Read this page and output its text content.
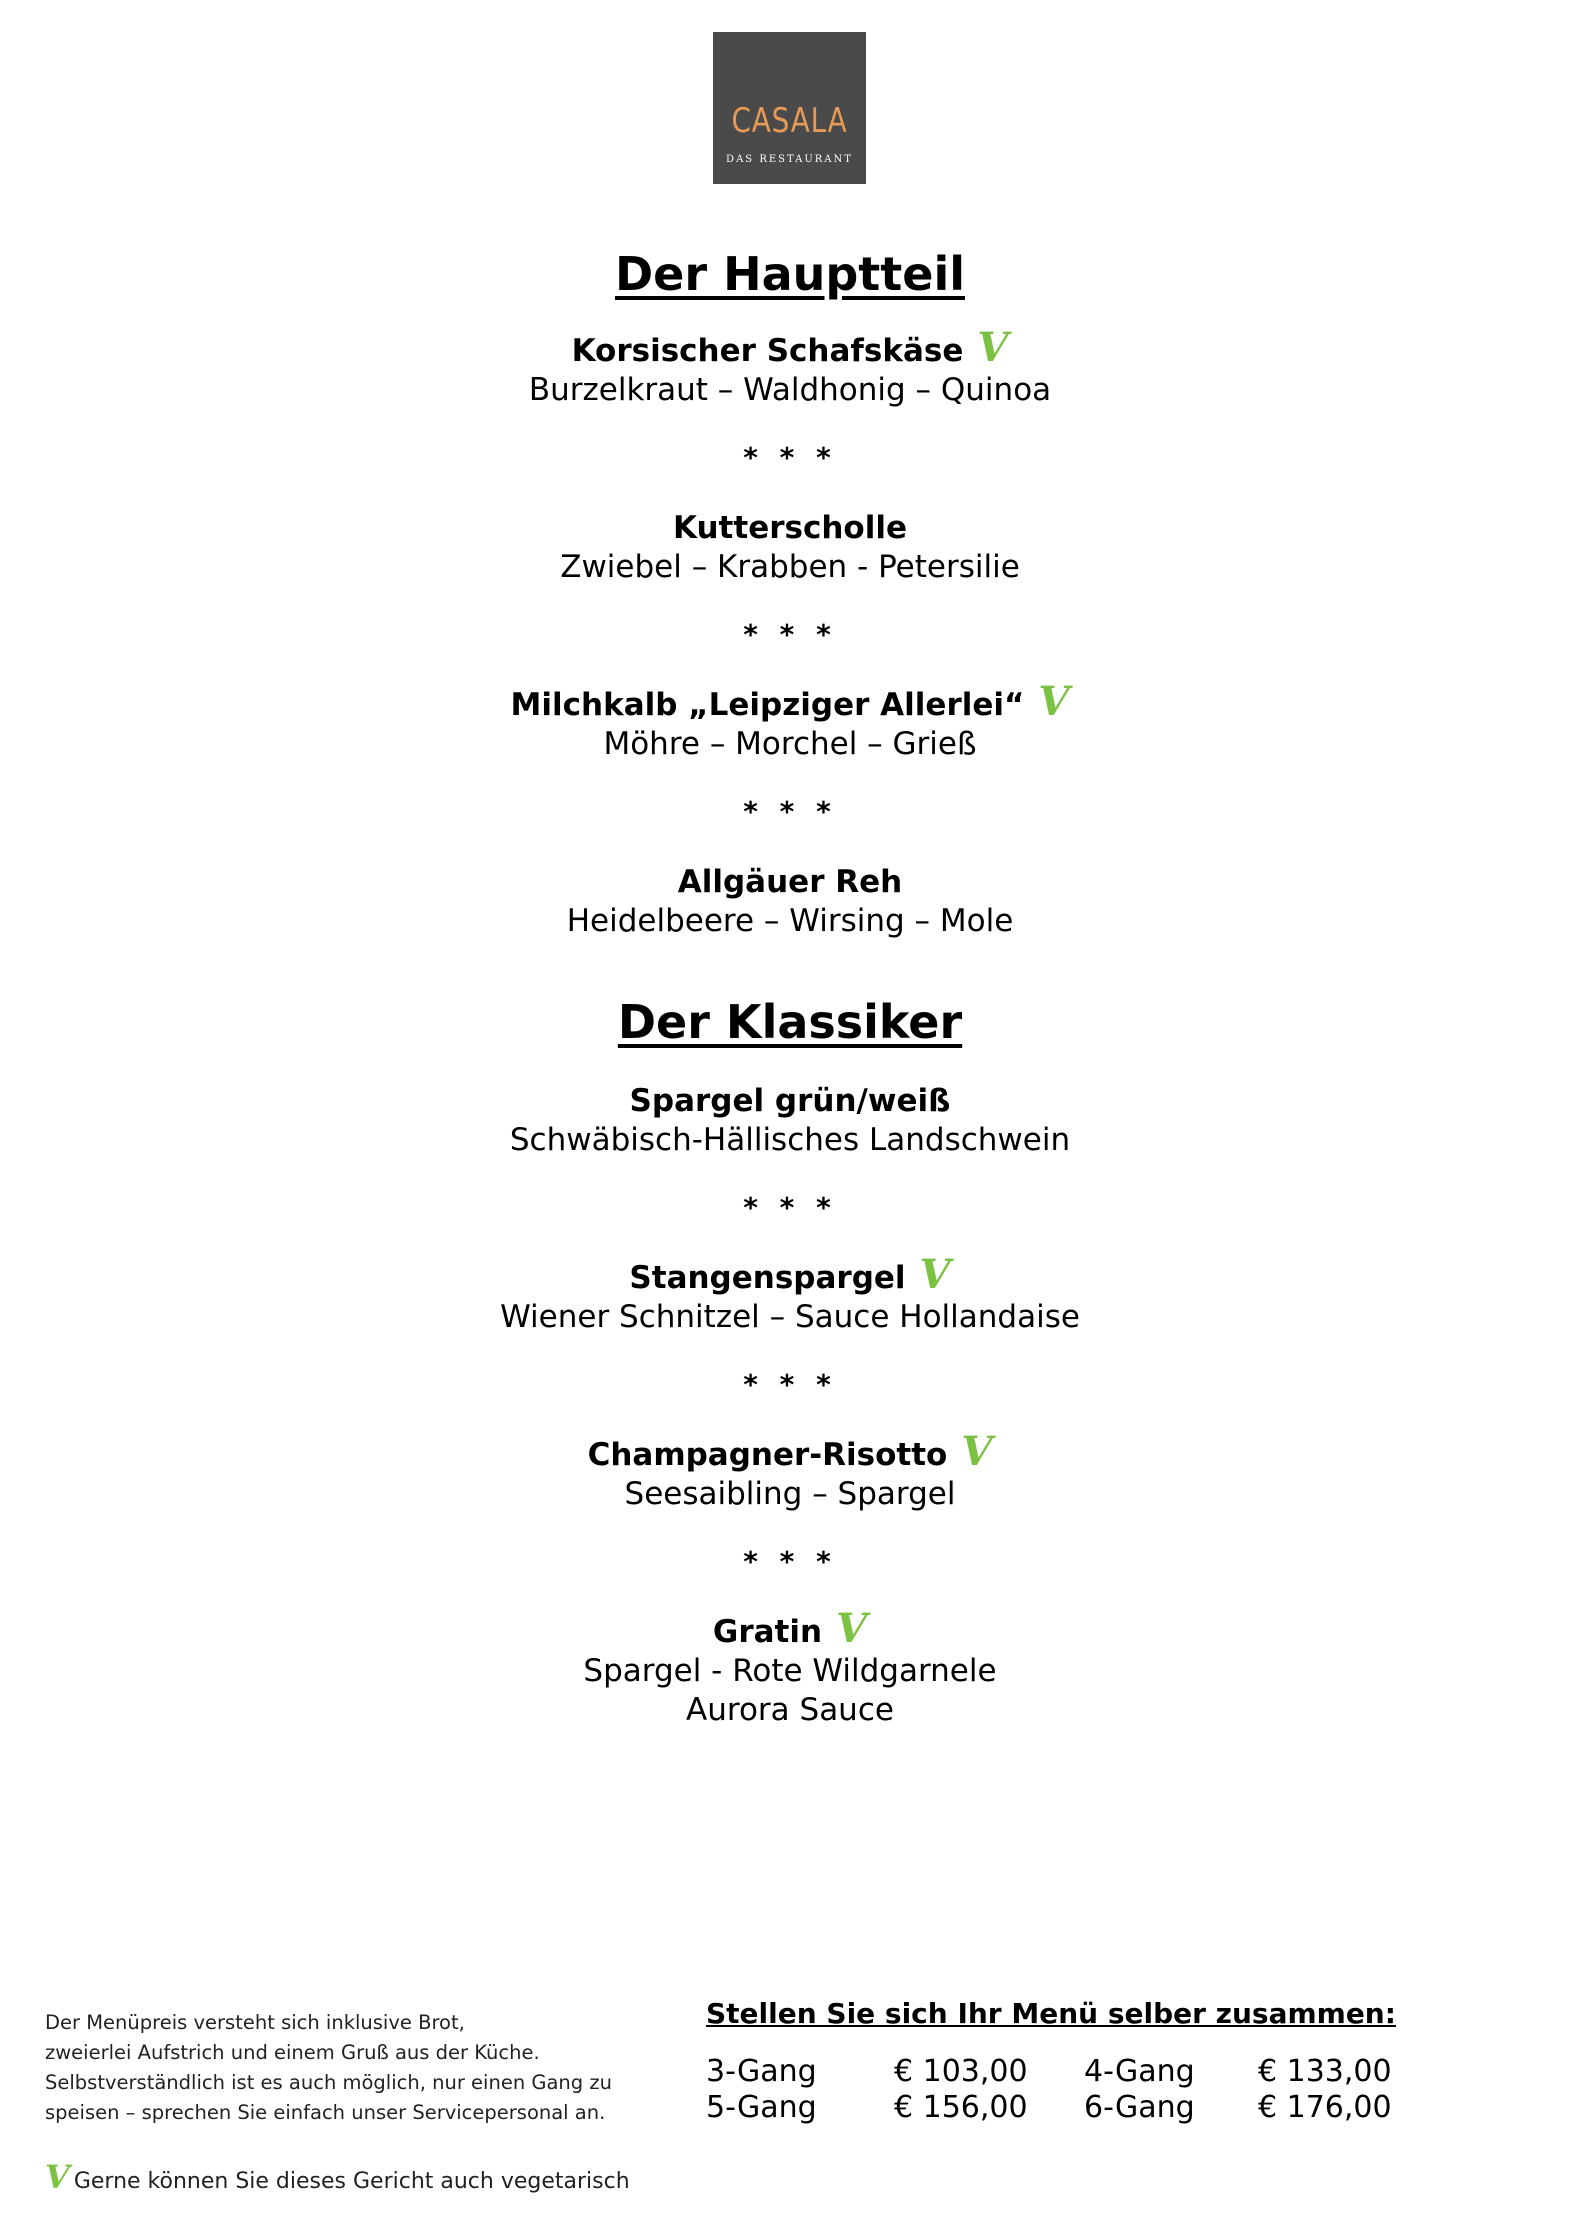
CASALA
DAS RESTAURANT
Der Hauptteil
Korsischer Schafskäse V
Burzelkraut – Waldhonig – Quinoa
* * *
Kutterscholle
Zwiebel – Krabben - Petersilie
* * *
Milchkalb „Leipziger Allerlei“ V
Möhre – Morchel – Grieß
* * *
Allgäuer Reh
Heidelbeere – Wirsing – Mole
Der Klassiker
Spargel grün/weiß
Schwäbisch-Hällisches Landschwein
* * *
Stangenspargel V
Wiener Schnitzel – Sauce Hollandaise
* * *
Champagner-Risotto V
Seesaibling – Spargel
* * *
Gratin V
Spargel - Rote Wildgarnele
Aurora Sauce
Der Menüpreis versteht sich inklusive Brot,
zweierlei Aufstrich und einem Gruß aus der Küche.
Selbstverständlich ist es auch möglich, nur einen Gang zu
speisen – sprechen Sie einfach unser Servicepersonal an.
V Gerne können Sie dieses Gericht auch vegetarisch
Stellen Sie sich Ihr Menü selber zusammen:
3-Gang	€ 103,00	4-Gang	€ 133,00
5-Gang	€ 156,00	6-Gang	€ 176,00
